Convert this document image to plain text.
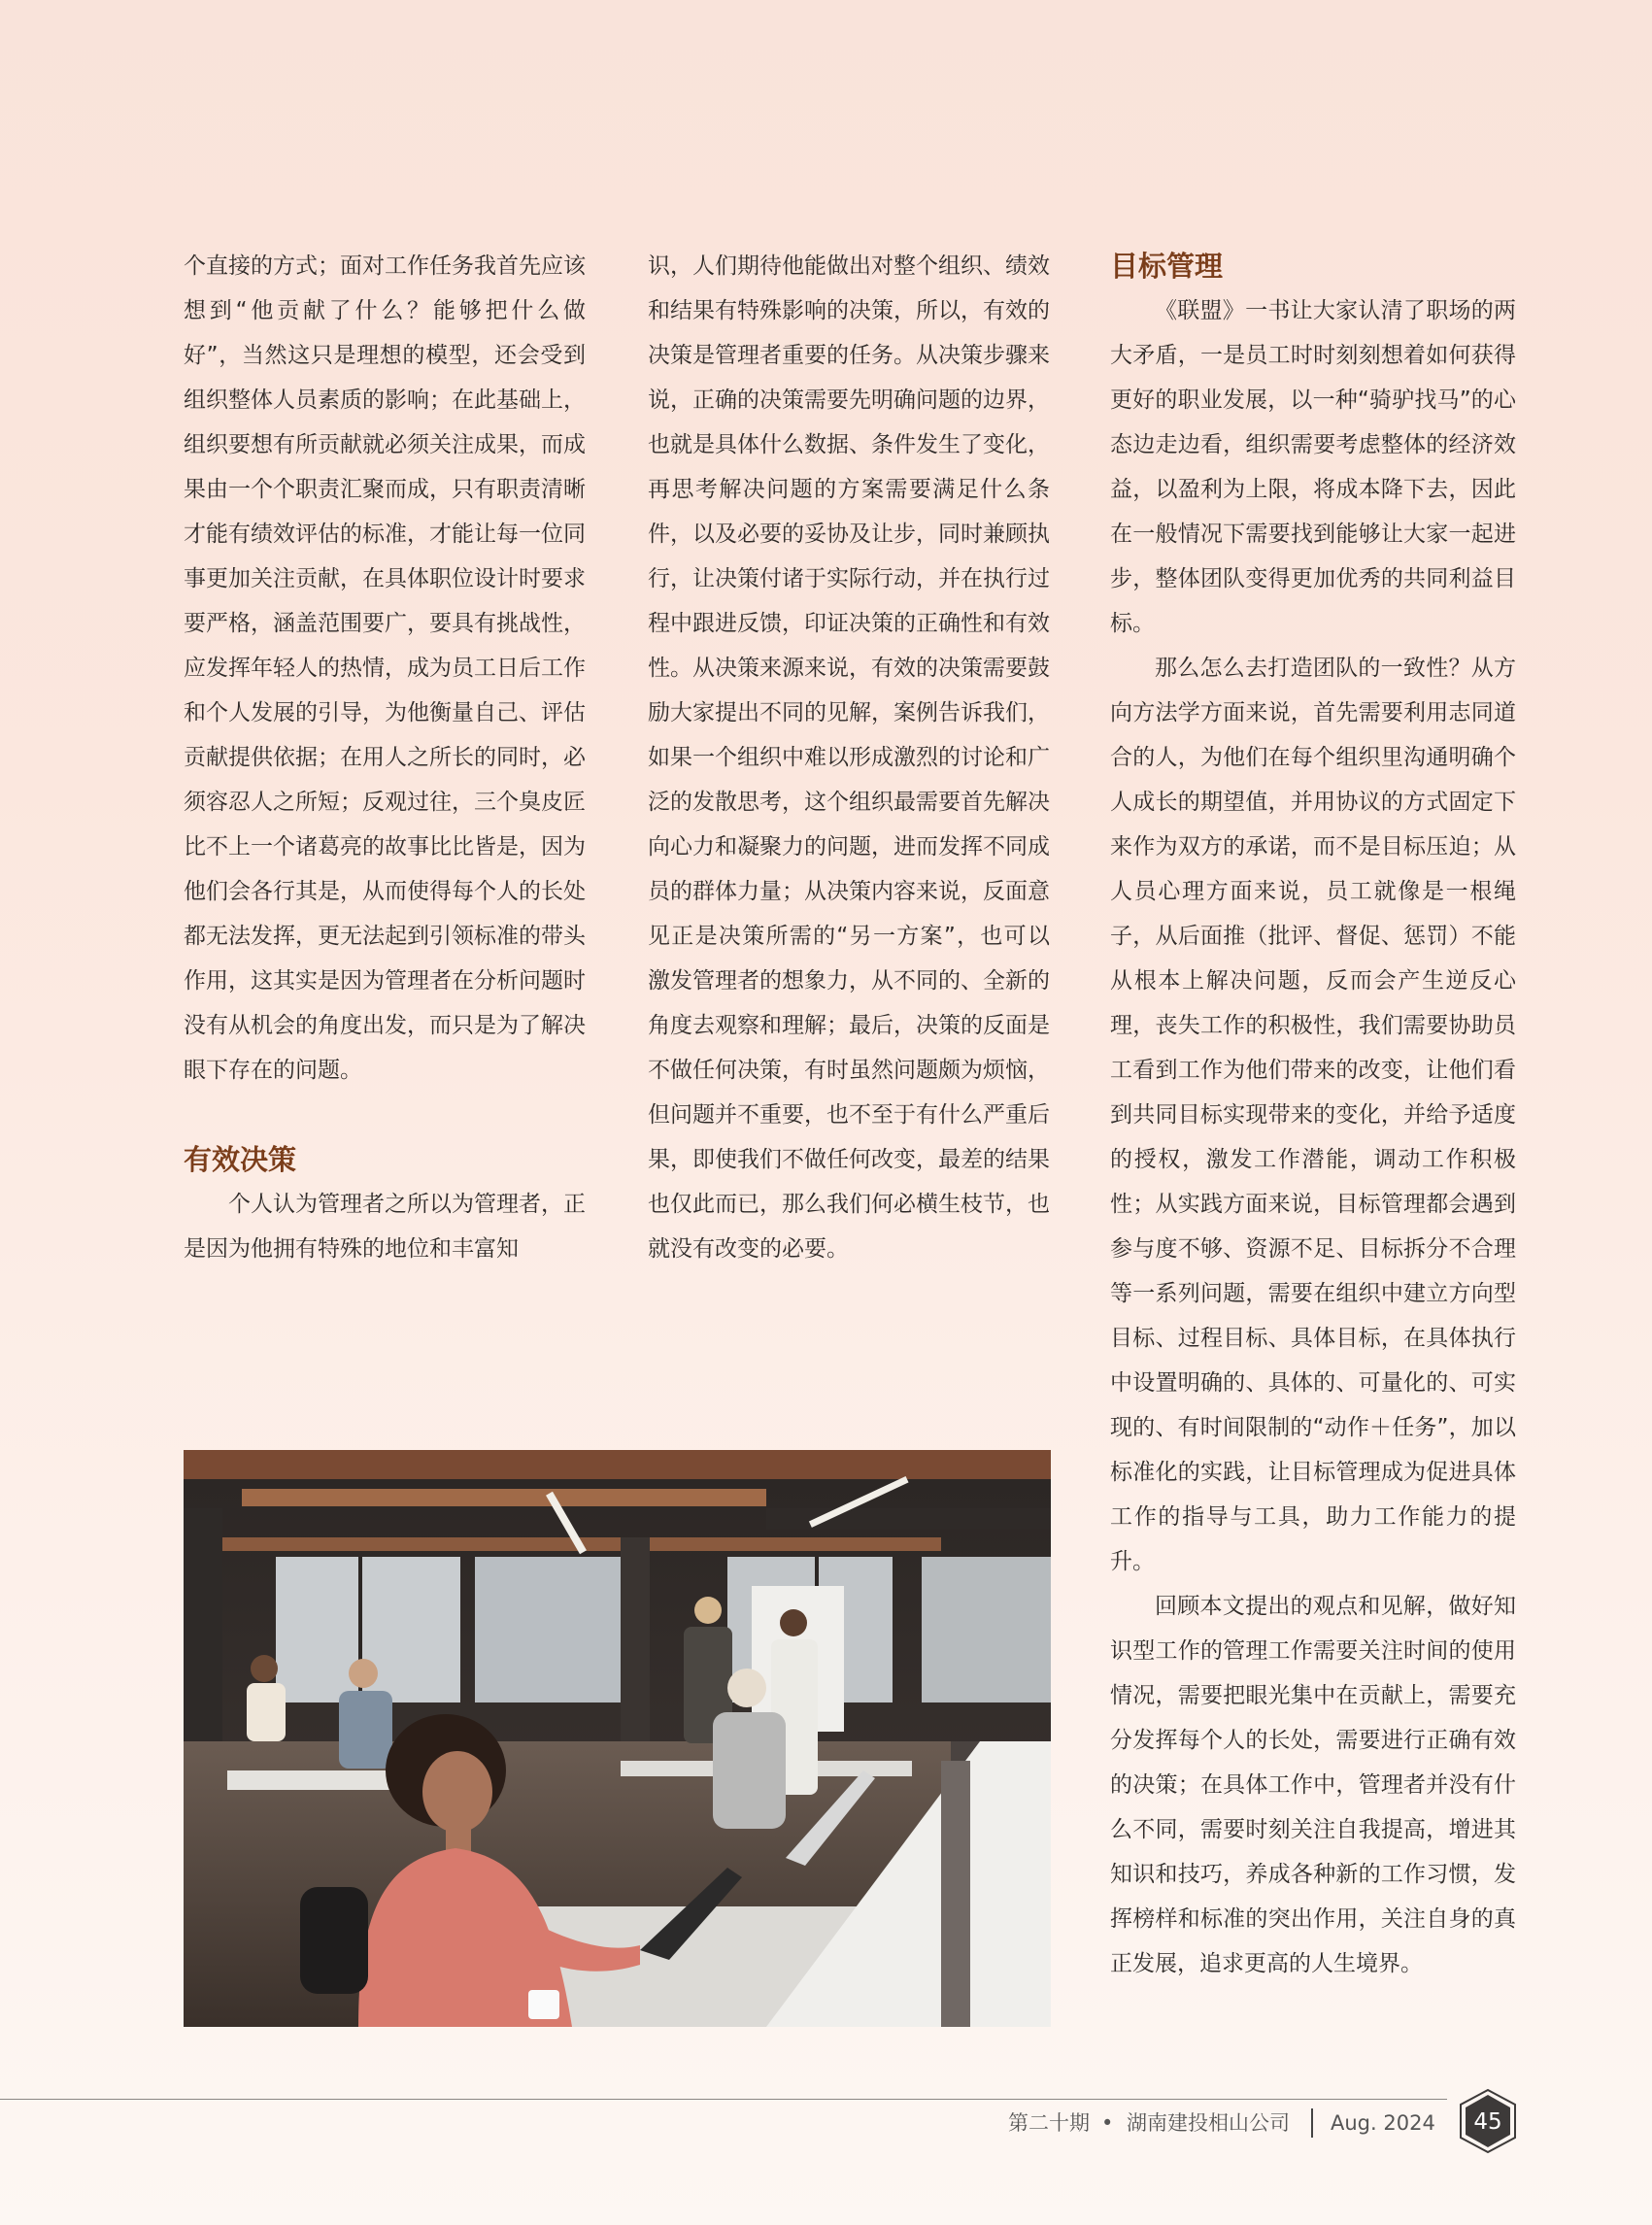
个直接的方式；面对工作任务我首先应该想到“他贡献了什么？能够把什么做好”，当然这只是理想的模型，还会受到组织整体人员素质的影响；在此基础上，组织要想有所贡献就必须关注成果，而成果由一个个职责汇聚而成，只有职责清晰才能有绩效评估的标准，才能让每一位同事更加关注贡献，在具体职位设计时要求要严格，涵盖范围要广，要具有挑战性，应发挥年轻人的热情，成为员工日后工作和个人发展的引导，为他衡量自己、评估贡献提供依据；在用人之所长的同时，必须容忍人之所短；反观过往，三个臭皮匠比不上一个诸葛亮的故事比比皆是，因为他们会各行其是，从而使得每个人的长处都无法发挥，更无法起到引领标准的带头作用，这其实是因为管理者在分析问题时没有从机会的角度出发，而只是为了解决眼下存在的问题。

有效决策

个人认为管理者之所以为管理者，正是因为他拥有特殊的地位和丰富知

识，人们期待他能做出对整个组织、绩效和结果有特殊影响的决策，所以，有效的决策是管理者重要的任务。从决策步骤来说，正确的决策需要先明确问题的边界，也就是具体什么数据、条件发生了变化，再思考解决问题的方案需要满足什么条件，以及必要的妥协及让步，同时兼顾执行，让决策付诸于实际行动，并在执行过程中跟进反馈，印证决策的正确性和有效性。从决策来源来说，有效的决策需要鼓励大家提出不同的见解，案例告诉我们，如果一个组织中难以形成激烈的讨论和广泛的发散思考，这个组织最需要首先解决向心力和凝聚力的问题，进而发挥不同成员的群体力量；从决策内容来说，反面意见正是决策所需的“另一方案”，也可以激发管理者的想象力，从不同的、全新的角度去观察和理解；最后，决策的反面是不做任何决策，有时虽然问题颇为烦恼，但问题并不重要，也不至于有什么严重后果，即使我们不做任何改变，最差的结果也仅此而已，那么我们何必横生枝节，也就没有改变的必要。

目标管理

《联盟》一书让大家认清了职场的两大矛盾，一是员工时时刻刻想着如何获得更好的职业发展，以一种“骑驴找马”的心态边走边看，组织需要考虑整体的经济效益，以盈利为上限，将成本降下去，因此在一般情况下需要找到能够让大家一起进步，整体团队变得更加优秀的共同利益目标。

那么怎么去打造团队的一致性？从方向方法学方面来说，首先需要利用志同道合的人，为他们在每个组织里沟通明确个人成长的期望值，并用协议的方式固定下来作为双方的承诺，而不是目标压迫；从人员心理方面来说，员工就像是一根绳子，从后面推（批评、督促、惩罚）不能从根本上解决问题，反而会产生逆反心理，丧失工作的积极性，我们需要协助员工看到工作为他们带来的改变，让他们看到共同目标实现带来的变化，并给予适度的授权，激发工作潜能，调动工作积极性；从实践方面来说，目标管理都会遇到参与度不够、资源不足、目标拆分不合理等一系列问题，需要在组织中建立方向型目标、过程目标、具体目标，在具体执行中设置明确的、具体的、可量化的、可实现的、有时间限制的“动作＋任务”，加以标准化的实践，让目标管理成为促进具体工作的指导与工具，助力工作能力的提升。

回顾本文提出的观点和见解，做好知识型工作的管理工作需要关注时间的使用情况，需要把眼光集中在贡献上，需要充分发挥每个人的长处，需要进行正确有效的决策；在具体工作中，管理者并没有什么不同，需要时刻关注自我提高，增进其知识和技巧，养成各种新的工作习惯，发挥榜样和标准的突出作用，关注自身的真正发展，追求更高的人生境界。

第二十期 • 湖南建投相山公司 Aug. 2024 45
